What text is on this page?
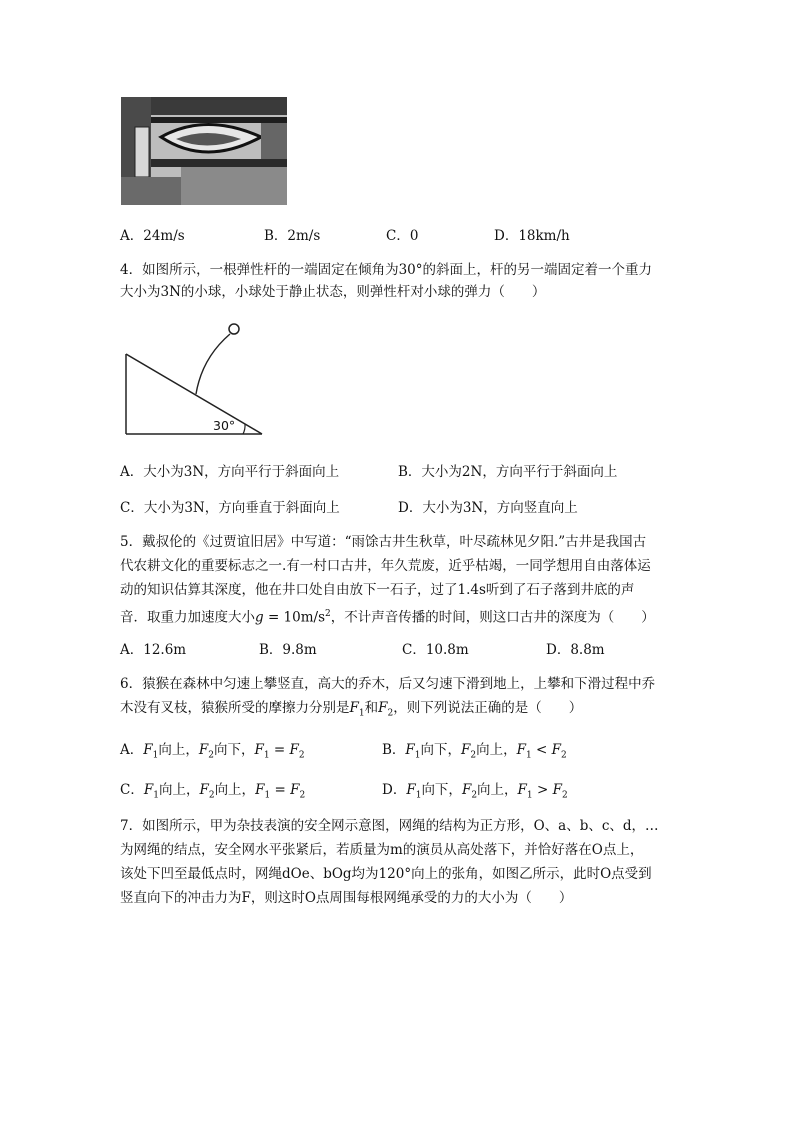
A．24m/s	B．2m/s	C．0	D．18km/h
4．如图所示，一根弹性杆的一端固定在倾角为30°的斜面上，杆的另一端固定着一个重力
大小为3N的小球，小球处于静止状态，则弹性杆对小球的弹力（　　）
30°
A．大小为3N，方向平行于斜面向上	B．大小为2N，方向平行于斜面向上
C．大小为3N，方向垂直于斜面向上	D．大小为3N，方向竖直向上
5．戴叔伦的《过贾谊旧居》中写道：“雨馀古井生秋草，叶尽疏林见夕阳.”古井是我国古
代农耕文化的重要标志之一.有一村口古井，年久荒废，近乎枯竭，一同学想用自由落体运
动的知识估算其深度，他在井口处自由放下一石子，过了1.4s听到了石子落到井底的声
音．取重力加速度大小$g = 10m/s^2$，不计声音传播的时间，则这口古井的深度为（　　）
A．12.6m	B．9.8m	C．10.8m	D．8.8m
6．猿猴在森林中匀速上攀竖直，高大的乔木，后又匀速下滑到地上，上攀和下滑过程中乔
木没有叉枝，猿猴所受的摩擦力分别是$F_1$和$F_2$，则下列说法正确的是（　　）
A．$F_1$向上，$F_2$向下，$F_1 = F_2$	B．$F_1$向下，$F_2$向上，$F_1 < F_2$
C．$F_1$向上，$F_2$向上，$F_1 = F_2$	D．$F_1$向下，$F_2$向上，$F_1 > F_2$
7．如图所示，甲为杂技表演的安全网示意图，网绳的结构为正方形，O、a、b、c、d，…
为网绳的结点，安全网水平张紧后，若质量为m的演员从高处落下，并恰好落在O点上，
该处下凹至最低点时，网绳dOe、bOg均为120°向上的张角，如图乙所示，此时O点受到
竖直向下的冲击力为F，则这时O点周围每根网绳承受的力的大小为（　　）
